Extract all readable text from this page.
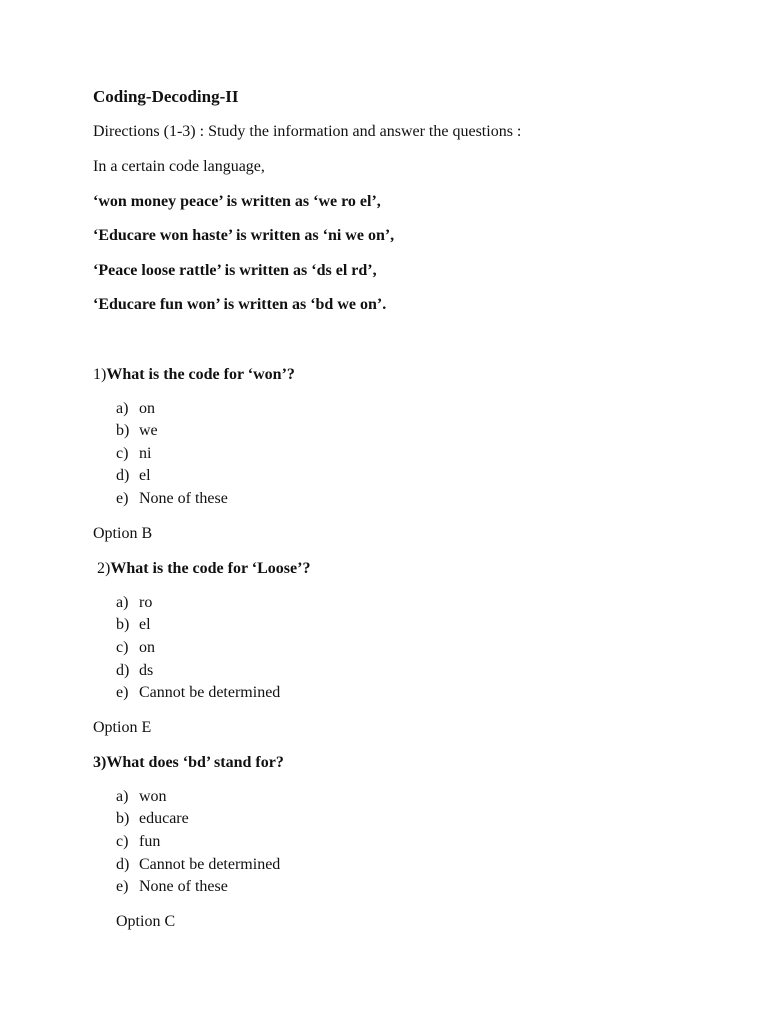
Coding-Decoding-II
Directions (1-3) : Study the information and answer the questions :
In a certain code language,
‘won money peace’ is written as ‘we ro el’,
‘Educare won haste’ is written as ‘ni we on’,
‘Peace loose rattle’ is written as ‘ds el rd’,
‘Educare fun won’ is written as ‘bd we on’.
1)What is the code for ‘won’?
a) on
b) we
c) ni
d) el
e) None of these
Option B
2)What is the code for ‘Loose’?
a) ro
b) el
c) on
d) ds
e) Cannot be determined
Option E
3)What does ‘bd’ stand for?
a) won
b) educare
c) fun
d) Cannot be determined
e) None of these
Option C
